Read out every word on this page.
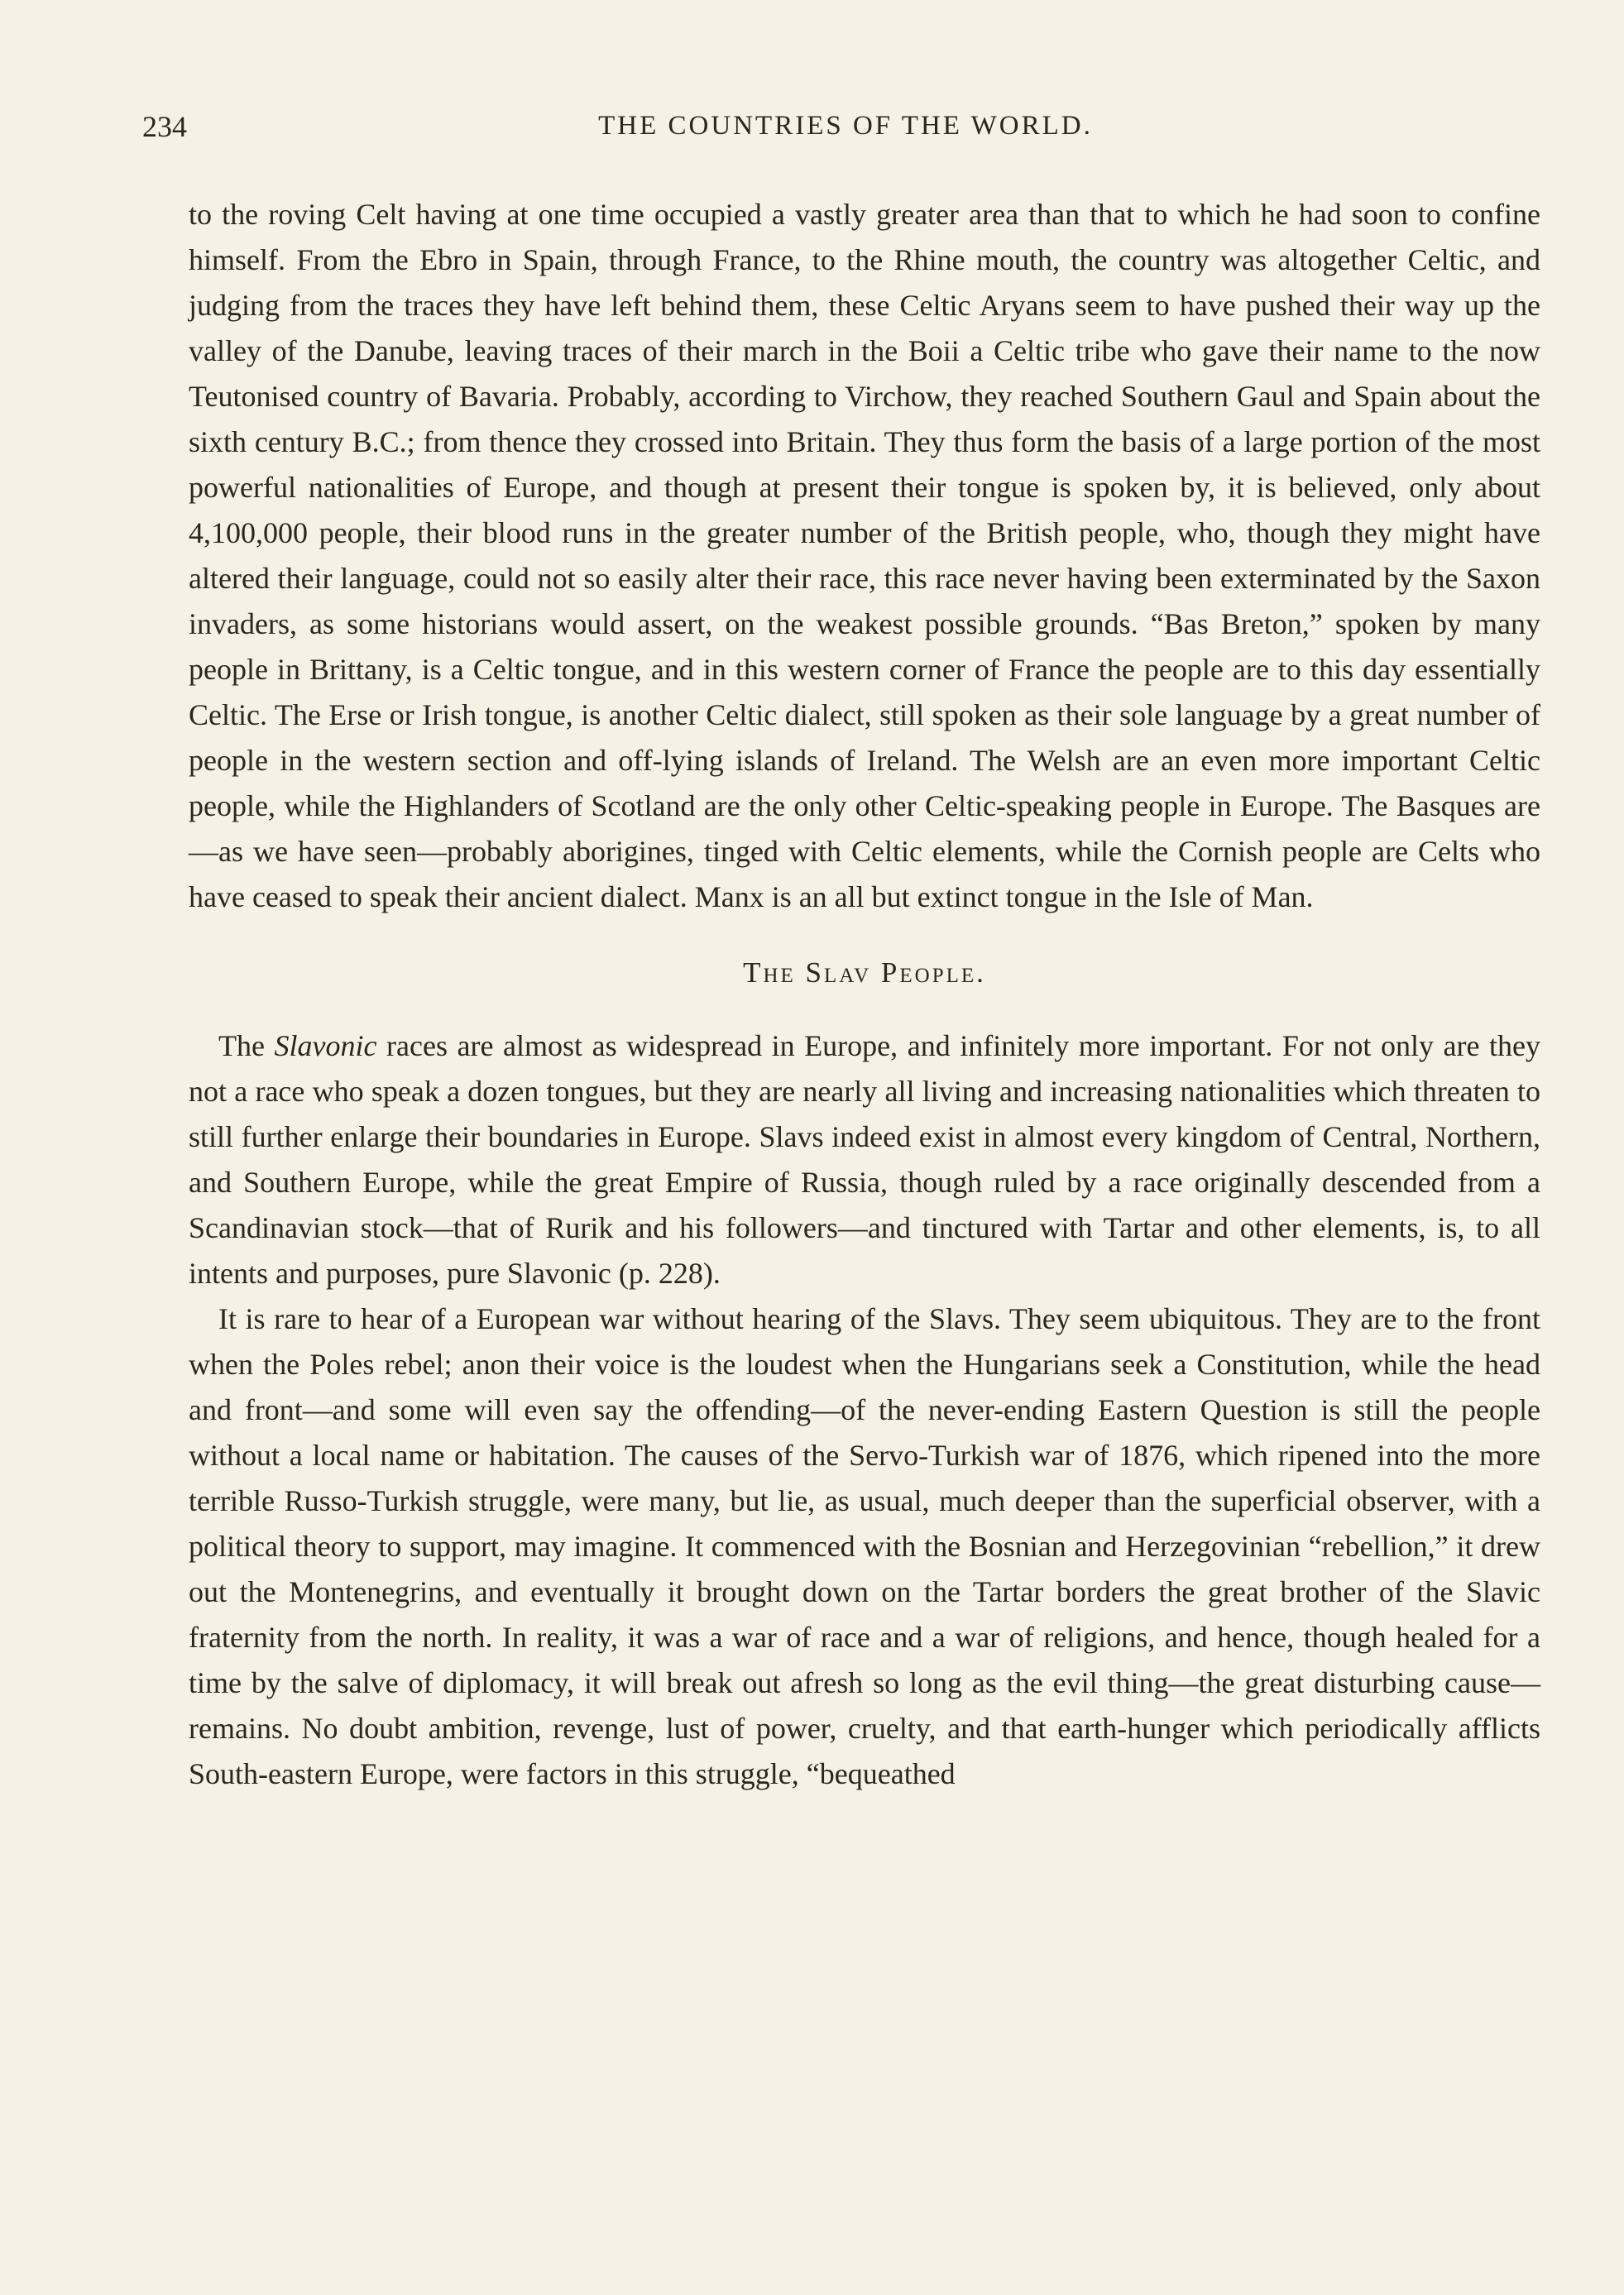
234	THE COUNTRIES OF THE WORLD.

to the roving Celt having at one time occupied a vastly greater area than that to which he had soon to confine himself. From the Ebro in Spain, through France, to the Rhine mouth, the country was altogether Celtic, and judging from the traces they have left behind them, these Celtic Aryans seem to have pushed their way up the valley of the Danube, leaving traces of their march in the Boii a Celtic tribe who gave their name to the now Teutonised country of Bavaria. Probably, according to Virchow, they reached Southern Gaul and Spain about the sixth century B.C.; from thence they crossed into Britain. They thus form the basis of a large portion of the most powerful nationalities of Europe, and though at present their tongue is spoken by, it is believed, only about 4,100,000 people, their blood runs in the greater number of the British people, who, though they might have altered their language, could not so easily alter their race, this race never having been exterminated by the Saxon invaders, as some historians would assert, on the weakest possible grounds. “Bas Breton,” spoken by many people in Brittany, is a Celtic tongue, and in this western corner of France the people are to this day essentially Celtic. The Erse or Irish tongue, is another Celtic dialect, still spoken as their sole language by a great number of people in the western section and off-lying islands of Ireland. The Welsh are an even more important Celtic people, while the Highlanders of Scotland are the only other Celtic-speaking people in Europe. The Basques are—as we have seen—probably aborigines, tinged with Celtic elements, while the Cornish people are Celts who have ceased to speak their ancient dialect. Manx is an all but extinct tongue in the Isle of Man.

The Slav People.

The Slavonic races are almost as widespread in Europe, and infinitely more important. For not only are they not a race who speak a dozen tongues, but they are nearly all living and increasing nationalities which threaten to still further enlarge their boundaries in Europe. Slavs indeed exist in almost every kingdom of Central, Northern, and Southern Europe, while the great Empire of Russia, though ruled by a race originally descended from a Scandinavian stock—that of Rurik and his followers—and tinctured with Tartar and other elements, is, to all intents and purposes, pure Slavonic (p. 228).

It is rare to hear of a European war without hearing of the Slavs. They seem ubiquitous. They are to the front when the Poles rebel; anon their voice is the loudest when the Hungarians seek a Constitution, while the head and front—and some will even say the offending—of the never-ending Eastern Question is still the people without a local name or habitation. The causes of the Servo-Turkish war of 1876, which ripened into the more terrible Russo-Turkish struggle, were many, but lie, as usual, much deeper than the superficial observer, with a political theory to support, may imagine. It commenced with the Bosnian and Herzegovinian “rebellion,” it drew out the Montenegrins, and eventually it brought down on the Tartar borders the great brother of the Slavic fraternity from the north. In reality, it was a war of race and a war of religions, and hence, though healed for a time by the salve of diplomacy, it will break out afresh so long as the evil thing—the great disturbing cause—remains. No doubt ambition, revenge, lust of power, cruelty, and that earth-hunger which periodically afflicts South-eastern Europe, were factors in this struggle, “bequeathed
